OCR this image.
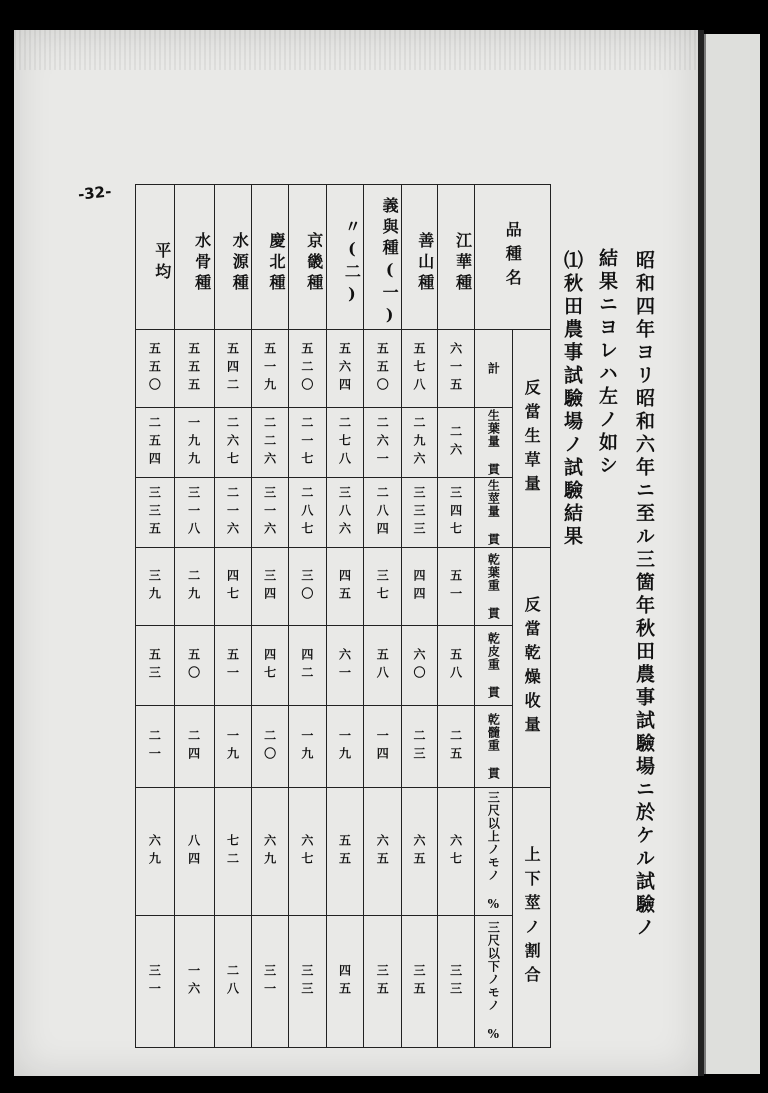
-32-
昭和四年ヨリ昭和六年ニ至ル三箇年秋田農事試驗場ニ於ケル試驗ノ
結果ニヨレハ左ノ如シ
⑴秋田農事試驗場ノ試驗結果
平均	水骨種	水源種	慶北種	京畿種	〃(二)	義與種(一)	善山種	江華種	品種名	
五五〇	五五五	五四二	五一九	五二〇	五六四	五五〇	五七八	六一五	計	反當生草量
二五四	一九九	二六七	二二六	二一七	二七八	二六一	二九六	二六	生葉量 貫	
三三五	三一八	二一六	三一六	二八七	三八六	二八四	三三三	三四七	生莖量 貫	
三九	二九	四七	三四	三〇	四五	三七	四四	五一	乾葉重 貫	反當乾燥收量
五三	五〇	五一	四七	四二	六一	五八	六〇	五八	乾皮重 貫	
二一	二四	一九	二〇	一九	一九	一四	二三	二五	乾髓重 貫	
六九	八四	七二	六九	六七	五五	六五	六五	六七	三尺以上ノモノ %	上下莖ノ割合
三一	一六	二八	三一	三三	四五	三五	三五	三三	三尺以下ノモノ %	
